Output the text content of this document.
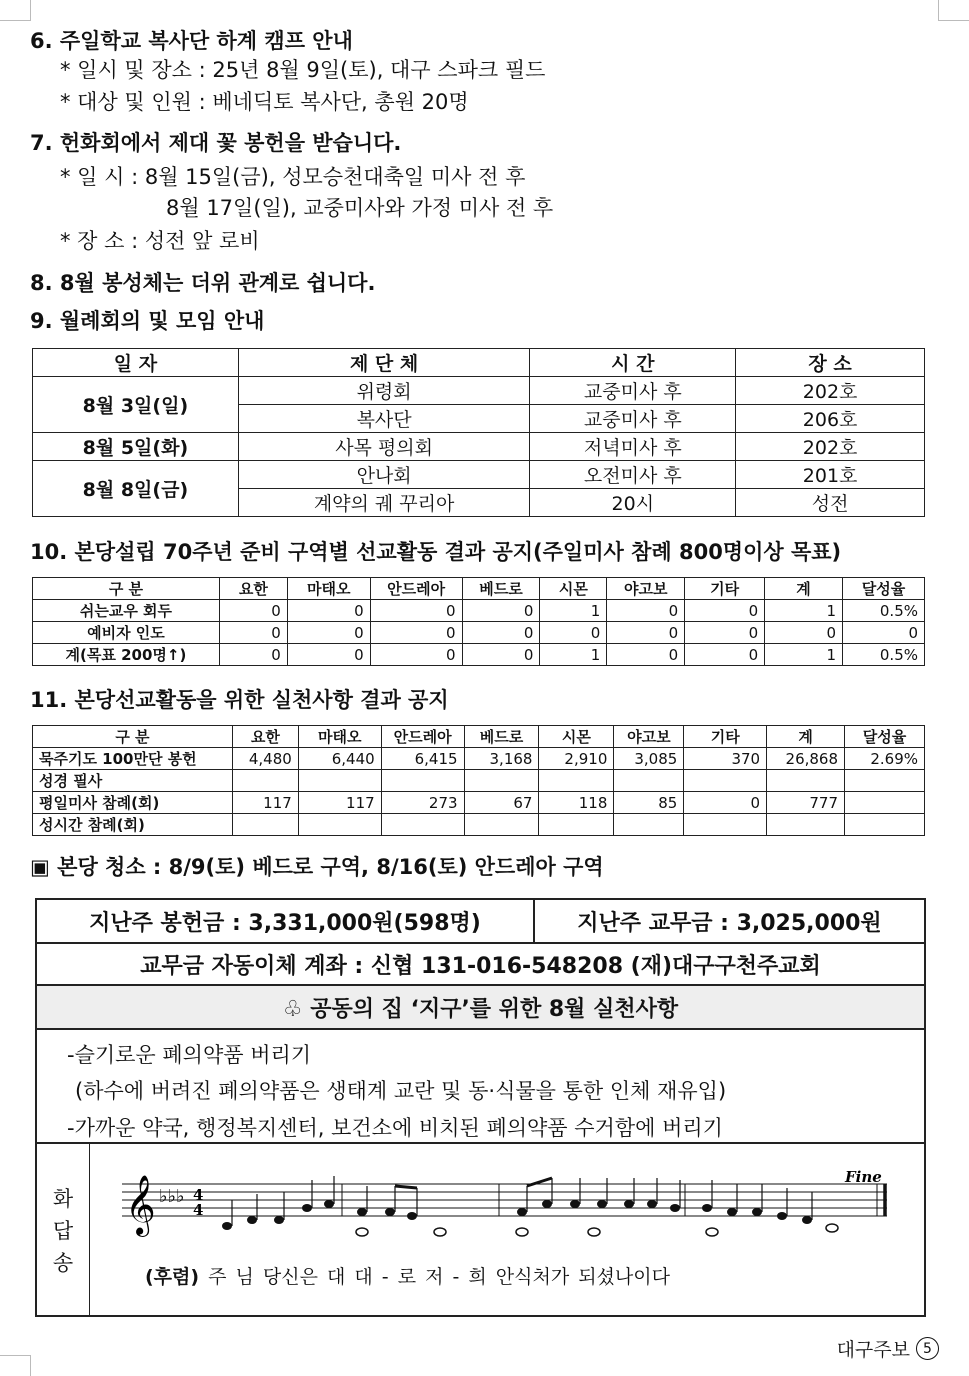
6. 주일학교 복사단 하계 캠프 안내
* 일시 및 장소 : 25년 8월 9일(토), 대구 스파크 필드
* 대상 및 인원 : 베네딕토 복사단, 총원 20명
7. 헌화회에서 제대 꽃 봉헌을 받습니다.
* 일 시 : 8월 15일(금), 성모승천대축일 미사 전 후
8월 17일(일), 교중미사와 가정 미사 전 후
* 장 소 : 성전 앞 로비
8. 8월 봉성체는 더위 관계로 쉽니다.
9. 월례회의 및 모임 안내
일 자	제 단 체	시 간	장 소
8월 3일(일)	위령회	교중미사 후	202호
	복사단	교중미사 후	206호
8월 5일(화)	사목 평의회	저녁미사 후	202호
8월 8일(금)	안나회	오전미사 후	201호
	계약의 궤 꾸리아	20시	성전
10. 본당설립 70주년 준비 구역별 선교활동 결과 공지(주일미사 참례 800명이상 목표)
구 분	요한	마태오	안드레아	베드로	시몬	야고보	기타	계	달성율
쉬는교우 회두	0	0	0	0	1	0	0	1	0.5%
예비자 인도	0	0	0	0	0	0	0	0	0
계(목표 200명↑)	0	0	0	0	1	0	0	1	0.5%
11. 본당선교활동을 위한 실천사항 결과 공지
구 분	요한	마태오	안드레아	베드로	시몬	야고보	기타	계	달성율
묵주기도 100만단 봉헌	4,480	6,440	6,415	3,168	2,910	3,085	370	26,868	2.69%
성경 필사									
평일미사 참례(회)	117	117	273	67	118	85	0	777	
성시간 참례(회)									
▣ 본당 청소 : 8/9(토) 베드로 구역, 8/16(토) 안드레아 구역
지난주 봉헌금 : 3,331,000원(598명)	지난주 교무금 : 3,025,000원
교무금 자동이체 계좌 : 신협 131-016-548208 (재)대구구천주교회
♧ 공동의 집 ‘지구’를 위한 8월 실천사항
-슬기로운 폐의약품 버리기
(하수에 버려진 폐의약품은 생태계 교란 및 동·식물을 통한 인체 재유입)
-가까운 약국, 행정복지센터, 보건소에 비치된 폐의약품 수거함에 버리기
화
답
송
𝄞 ♭♭♭ 4
4
Fine
(후렴) 주 님 당신은 대 대 - 로 저 - 희 안식처가 되셨나이다
대구주보 5
